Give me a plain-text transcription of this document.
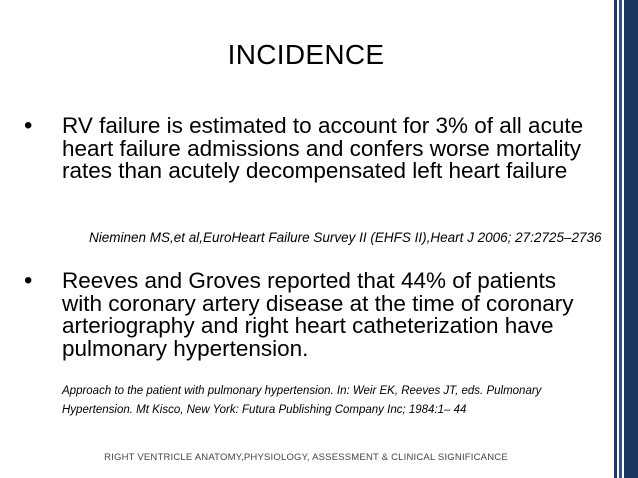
INCIDENCE
• RV failure is estimated to account for 3% of all acute heart failure admissions and confers worse mortality rates than acutely decompensated left heart failure
Nieminen MS,et al,EuroHeart Failure Survey II (EHFS II),Heart J 2006; 27:2725–2736
• Reeves and Groves reported that 44% of patients with coronary artery disease at the time of coronary arteriography and right heart catheterization have pulmonary hypertension.
Approach to the patient with pulmonary hypertension. In: Weir EK, Reeves JT, eds. Pulmonary Hypertension. Mt Kisco, New York: Futura Publishing Company Inc; 1984:1– 44
RIGHT VENTRICLE ANATOMY,PHYSIOLOGY, ASSESSMENT & CLINICAL SIGNIFICANCE
